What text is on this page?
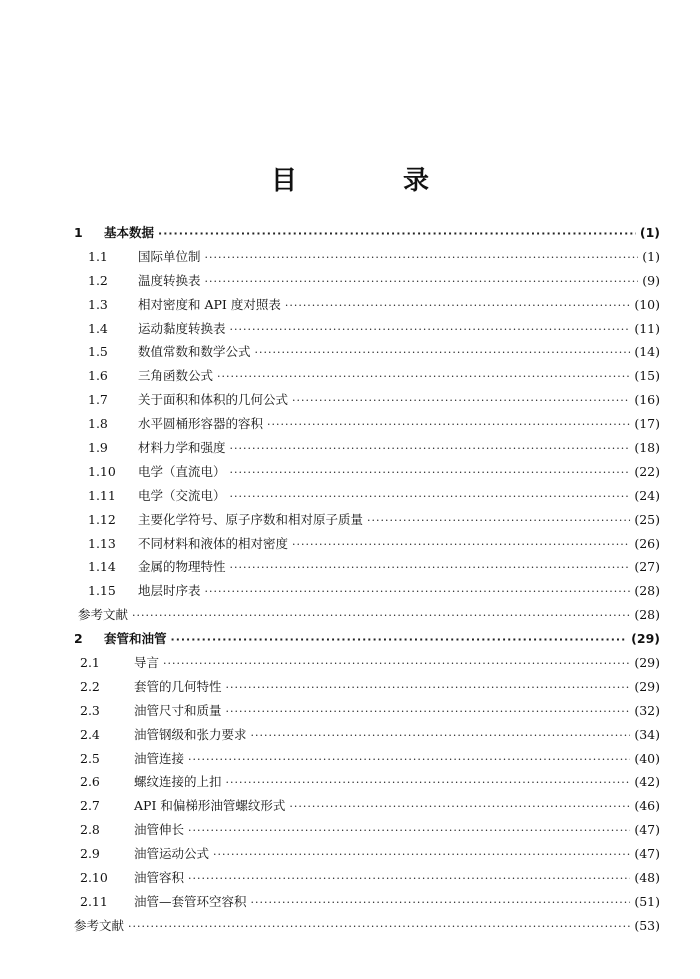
目　录
1	基本数据 ·····	(1)
1.1	国际单位制 ·····	(1)
1.2	温度转换表 ·····	(9)
1.3	相对密度和 API 度对照表 ·····	(10)
1.4	运动黏度转换表 ·····	(11)
1.5	数值常数和数学公式 ·····	(14)
1.6	三角函数公式 ·····	(15)
1.7	关于面积和体积的几何公式 ·····	(16)
1.8	水平圆桶形容器的容积 ·····	(17)
1.9	材料力学和强度 ·····	(18)
1.10	电学（直流电） ·····	(22)
1.11	电学（交流电） ·····	(24)
1.12	主要化学符号、原子序数和相对原子质量 ·····	(25)
1.13	不同材料和液体的相对密度 ·····	(26)
1.14	金属的物理特性 ·····	(27)
1.15	地层时序表 ·····	(28)
参考文献 ·····	(28)
2	套管和油管 ·····	(29)
2.1	导言 ·····	(29)
2.2	套管的几何特性 ·····	(29)
2.3	油管尺寸和质量 ·····	(32)
2.4	油管钢级和张力要求 ·····	(34)
2.5	油管连接 ·····	(40)
2.6	螺纹连接的上扣 ·····	(42)
2.7	API 和偏梯形油管螺纹形式 ·····	(46)
2.8	油管伸长 ·····	(47)
2.9	油管运动公式 ·····	(47)
2.10	油管容积 ·····	(48)
2.11	油管—套管环空容积 ·····	(51)
参考文献 ·····	(53)
